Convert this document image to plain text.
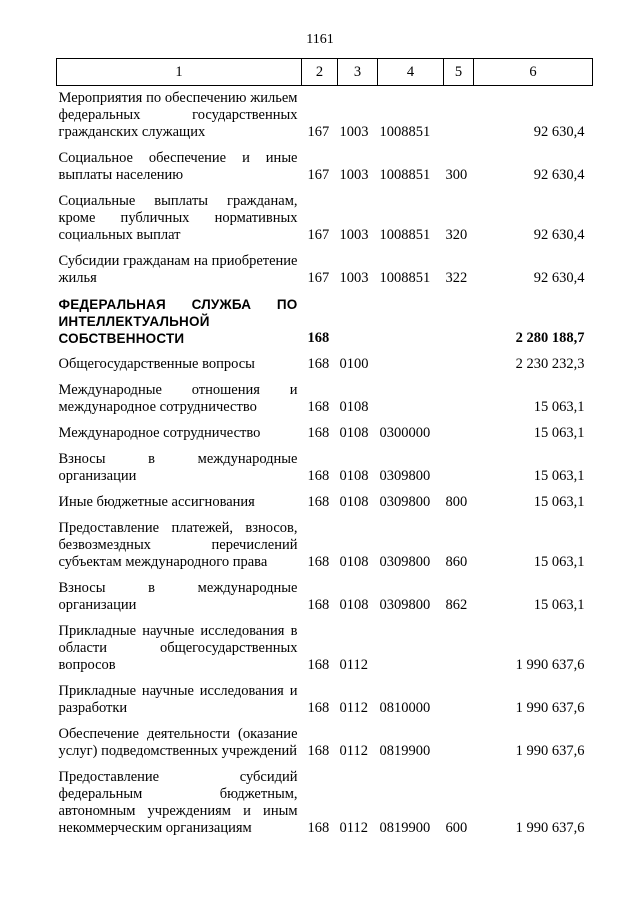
1161
1	2	3	4	5	6
Мероприятия по обеспечению жильем федеральных государственных гражданских служащих	167	1003	1008851		92 630,4
Социальное обеспечение и иные выплаты населению	167	1003	1008851	300	92 630,4
Социальные выплаты гражданам, кроме публичных нормативных социальных выплат	167	1003	1008851	320	92 630,4
Субсидии гражданам на приобретение жилья	167	1003	1008851	322	92 630,4
ФЕДЕРАЛЬНАЯ СЛУЖБА ПО ИНТЕЛЛЕКТУАЛЬНОЙ СОБСТВЕННОСТИ	168				2 280 188,7
Общегосударственные вопросы	168	0100			2 230 232,3
Международные отношения и международное сотрудничество	168	0108			15 063,1
Международное сотрудничество	168	0108	0300000		15 063,1
Взносы в международные организации	168	0108	0309800		15 063,1
Иные бюджетные ассигнования	168	0108	0309800	800	15 063,1
Предоставление платежей, взносов, безвозмездных перечислений субъектам международного права	168	0108	0309800	860	15 063,1
Взносы в международные организации	168	0108	0309800	862	15 063,1
Прикладные научные исследования в области общегосударственных вопросов	168	0112			1 990 637,6
Прикладные научные исследования и разработки	168	0112	0810000		1 990 637,6
Обеспечение деятельности (оказание услуг) подведомственных учреждений	168	0112	0819900		1 990 637,6
Предоставление субсидий федеральным бюджетным, автономным учреждениям и иным некоммерческим организациям	168	0112	0819900	600	1 990 637,6
